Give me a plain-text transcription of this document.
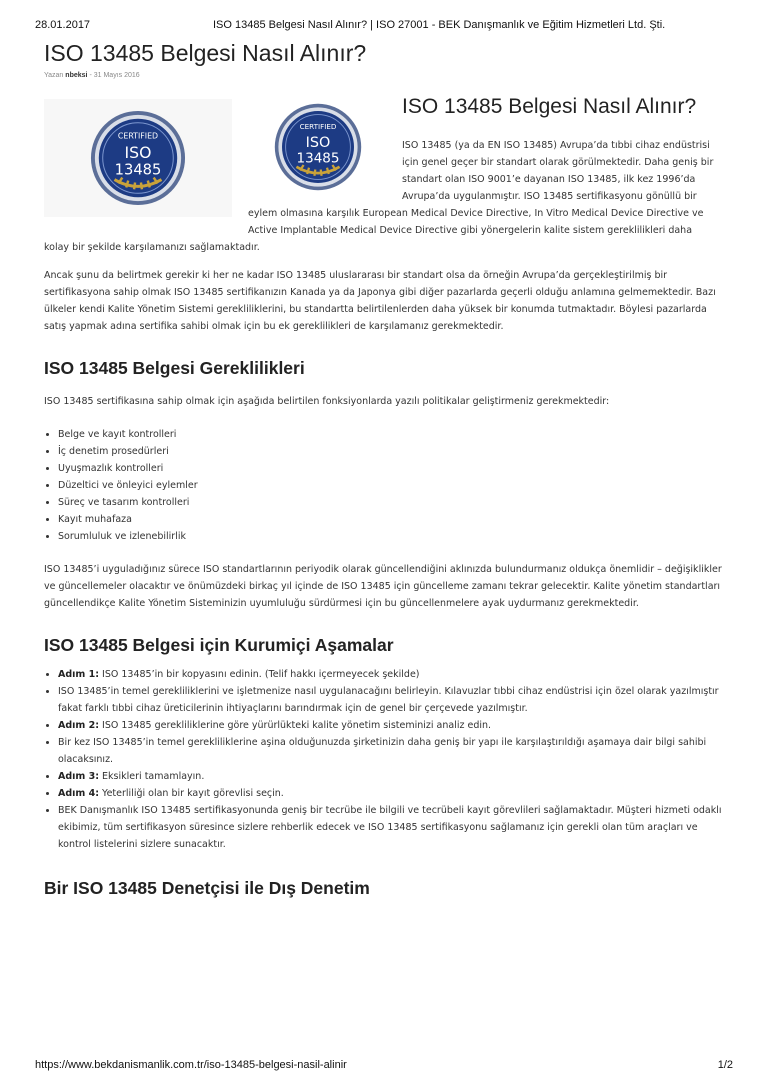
28.01.2017	ISO 13485 Belgesi Nasıl Alınır? | ISO 27001 - BEK Danışmanlık ve Eğitim Hizmetleri Ltd. Şti.
ISO 13485 Belgesi Nasıl Alınır?
Yazan nbeksi - 31 Mayıs 2016
CERTIFIED
ISO
13485
CERTIFIED
ISO
13485
ISO 13485 Belgesi Nasıl Alınır?

ISO 13485 (ya da EN ISO 13485) Avrupa’da tıbbi cihaz endüstrisi için genel geçer bir standart olarak görülmektedir. Daha geniş bir standart olan ISO 9001’e dayanan ISO 13485, ilk kez 1996’da Avrupa’da uygulanmıştır. ISO 13485 sertifikasyonu gönüllü bir

eylem olmasına karşılık European Medical Device Directive, In Vitro Medical Device Directive ve
Active Implantable Medical Device Directive gibi yönergelerin kalite sistem gereklilikleri daha
kolay bir şekilde karşılamanızı sağlamaktadır.

Ancak şunu da belirtmek gerekir ki her ne kadar ISO 13485 uluslararası bir standart olsa da örneğin Avrupa’da gerçekleştirilmiş bir sertifikasyona sahip olmak ISO 13485 sertifikanızın Kanada ya da Japonya gibi diğer pazarlarda geçerli olduğu anlamına gelmemektedir. Bazı ülkeler kendi Kalite Yönetim Sistemi gerekliliklerini, bu standartta belirtilenlerden daha yüksek bir konumda tutmaktadır. Böylesi pazarlarda satış yapmak adına sertifika sahibi olmak için bu ek gereklilikleri de karşılamanız gerekmektedir.

ISO 13485 Belgesi Gereklilikleri

ISO 13485 sertifikasına sahip olmak için aşağıda belirtilen fonksiyonlarda yazılı politikalar geliştirmeniz gerekmektedir:

• Belge ve kayıt kontrolleri
• İç denetim prosedürleri
• Uyuşmazlık kontrolleri
• Düzeltici ve önleyici eylemler
• Süreç ve tasarım kontrolleri
• Kayıt muhafaza
• Sorumluluk ve izlenebilirlik

ISO 13485’i uyguladığınız sürece ISO standartlarının periyodik olarak güncellendiğini aklınızda bulundurmanız oldukça önemlidir – değişiklikler ve güncellemeler olacaktır ve önümüzdeki birkaç yıl içinde de ISO 13485 için güncelleme zamanı tekrar gelecektir. Kalite yönetim standartları güncellendikçe Kalite Yönetim Sisteminizin uyumluluğu sürdürmesi için bu güncellenmelere ayak uydurmanız gerekmektedir.

ISO 13485 Belgesi için Kurumiçi Aşamalar
• Adım 1: ISO 13485’in bir kopyasını edinin. (Telif hakkı içermeyecek şekilde)
• ISO 13485’in temel gerekliliklerini ve işletmenize nasıl uygulanacağını belirleyin. Kılavuzlar tıbbi cihaz endüstrisi için özel olarak yazılmıştır fakat farklı tıbbi cihaz üreticilerinin ihtiyaçlarını barındırmak için de genel bir çerçevede yazılmıştır.
• Adım 2: ISO 13485 gerekliliklerine göre yürürlükteki kalite yönetim sisteminizi analiz edin.
• Bir kez ISO 13485’in temel gerekliliklerine aşina olduğunuzda şirketinizin daha geniş bir yapı ile karşılaştırıldığı aşamaya dair bilgi sahibi olacaksınız.
• Adım 3: Eksikleri tamamlayın.
• Adım 4: Yeterliliği olan bir kayıt görevlisi seçin.
• BEK Danışmanlık ISO 13485 sertifikasyonunda geniş bir tecrübe ile bilgili ve tecrübeli kayıt görevlileri sağlamaktadır. Müşteri hizmeti odaklı ekibimiz, tüm sertifikasyon süresince sizlere rehberlik edecek ve ISO 13485 sertifikasyonu sağlamanız için gerekli olan tüm araçları ve kontrol listelerini sizlere sunacaktır.
Bir ISO 13485 Denetçisi ile Dış Denetim
https://www.bekdanismanlik.com.tr/iso-13485-belgesi-nasil-alinir	1/2
